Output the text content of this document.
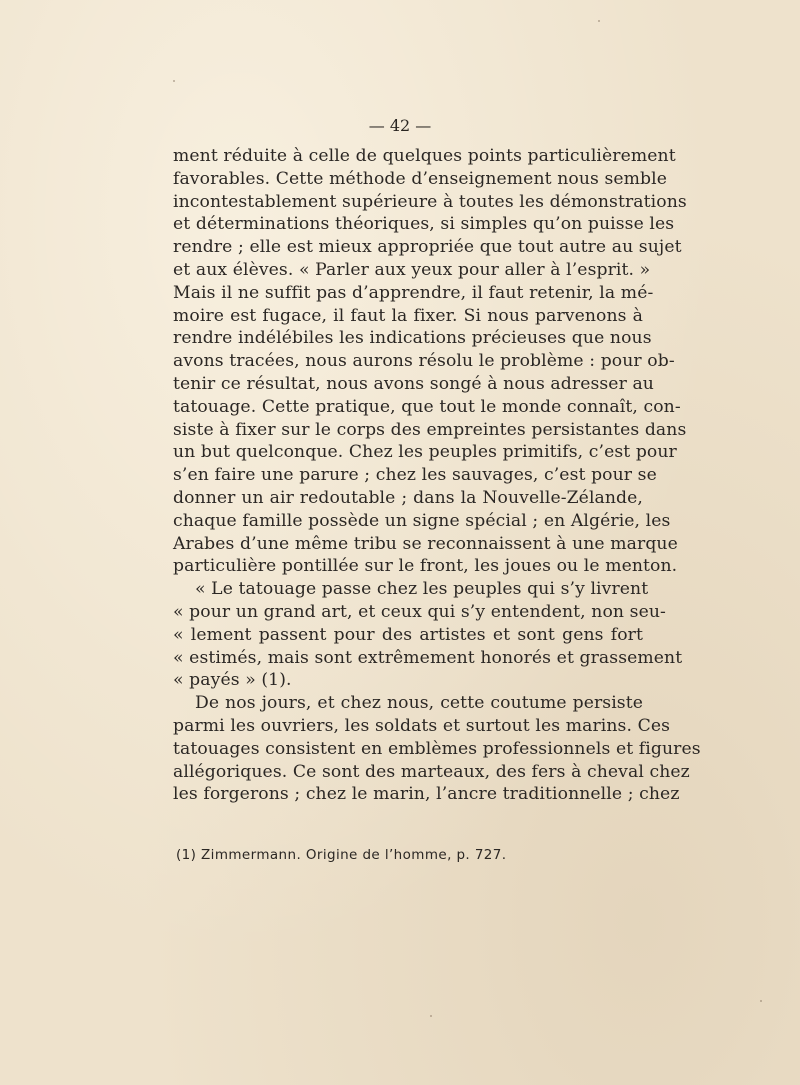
— 42 —
ment réduite à celle de quelques points particulièrement
favorables. Cette méthode d’enseignement nous semble
incontestablement supérieure à toutes les démonstrations
et déterminations théoriques, si simples qu’on puisse les
rendre ; elle est mieux appropriée que tout autre au sujet
et aux élèves. « Parler aux yeux pour aller à l’esprit. »
Mais il ne suffit pas d’apprendre, il faut retenir, la mé-
moire est fugace, il faut la fixer. Si nous parvenons à
rendre indélébiles les indications précieuses que nous
avons tracées, nous aurons résolu le problème : pour ob-
tenir ce résultat, nous avons songé à nous adresser au
tatouage. Cette pratique, que tout le monde connaît, con-
siste à fixer sur le corps des empreintes persistantes dans
un but quelconque. Chez les peuples primitifs, c’est pour
s’en faire une parure ; chez les sauvages, c’est pour se
donner un air redoutable ; dans la Nouvelle-Zélande,
chaque famille possède un signe spécial ; en Algérie, les
Arabes d’une même tribu se reconnaissent à une marque
particulière pontillée sur le front, les joues ou le menton.
« Le tatouage passe chez les peuples qui s’y livrent
« pour un grand art, et ceux qui s’y entendent, non seu-
« lement passent pour des artistes et sont gens fort
« estimés, mais sont extrêmement honorés et grassement
« payés » (1).
De nos jours, et chez nous, cette coutume persiste
parmi les ouvriers, les soldats et surtout les marins. Ces
tatouages consistent en emblèmes professionnels et figures
allégoriques. Ce sont des marteaux, des fers à cheval chez
les forgerons ; chez le marin, l’ancre traditionnelle ; chez
(1) Zimmermann. Origine de l’homme, p. 727.
